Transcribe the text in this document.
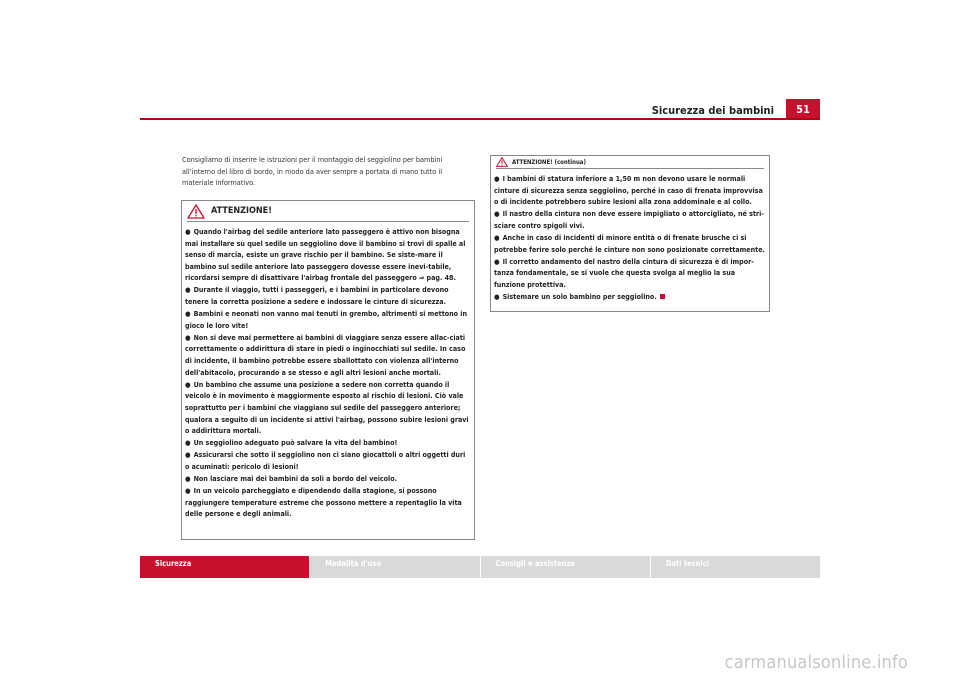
Sicurezza dei bambini	51
Consigliamo di inserire le istruzioni per il montaggio del seggiolino per bambini all’interno del libro di bordo, in modo da aver sempre a portata di mano tutto il materiale informativo.
ATTENZIONE!
● Quando l'airbag del sedile anteriore lato passeggero è attivo non bisogna mai installare su quel sedile un seggiolino dove il bambino si trovi di spalle al senso di marcia, esiste un grave rischio per il bambino. Se siste-mare il bambino sul sedile anteriore lato passeggero dovesse essere inevi-tabile, ricordarsi sempre di disattivare l'airbag frontale del passeggero ⇒ pag. 48.
● Durante il viaggio, tutti i passeggeri, e i bambini in particolare devono tenere la corretta posizione a sedere e indossare le cinture di sicurezza.
● Bambini e neonati non vanno mai tenuti in grembo, altrimenti si mettono in gioco le loro vite!
● Non si deve mai permettere ai bambini di viaggiare senza essere allac-ciati correttamente o addirittura di stare in piedi o inginocchiati sul sedile. In caso di incidente, il bambino potrebbe essere sballottato con violenza all'interno dell'abitacolo, procurando a se stesso e agli altri lesioni anche mortali.
● Un bambino che assume una posizione a sedere non corretta quando il veicolo è in movimento è maggiormente esposto al rischio di lesioni. Ciò vale soprattutto per i bambini che viaggiano sul sedile del passeggero anteriore; qualora a seguito di un incidente si attivi l'airbag, possono subire lesioni gravi o addirittura mortali.
● Un seggiolino adeguato può salvare la vita del bambino!
● Assicurarsi che sotto il seggiolino non ci siano giocattoli o altri oggetti duri o acuminati: pericolo di lesioni!
● Non lasciare mai dei bambini da soli a bordo del veicolo.
● In un veicolo parcheggiato e dipendendo dalla stagione, si possono raggiungere temperature estreme che possono mettere a repentaglio la vita delle persone e degli animali.
ATTENZIONE! (continua)
● I bambini di statura inferiore a 1,50 m non devono usare le normali cinture di sicurezza senza seggiolino, perché in caso di frenata improvvisa o di incidente potrebbero subire lesioni alla zona addominale e al collo.
● Il nastro della cintura non deve essere impigliato o attorcigliato, né stri-sciare contro spigoli vivi.
● Anche in caso di incidenti di minore entità o di frenate brusche ci si potrebbe ferire solo perché le cinture non sono posizionate correttamente.
● Il corretto andamento del nastro della cintura di sicurezza è di impor-tanza fondamentale, se si vuole che questa svolga al meglio la sua funzione protettiva.
● Sistemare un solo bambino per seggiolino.
Sicurezza	Modalità d'uso	Consigli e assistenza	Dati tecnici
carmanualsonline.info
